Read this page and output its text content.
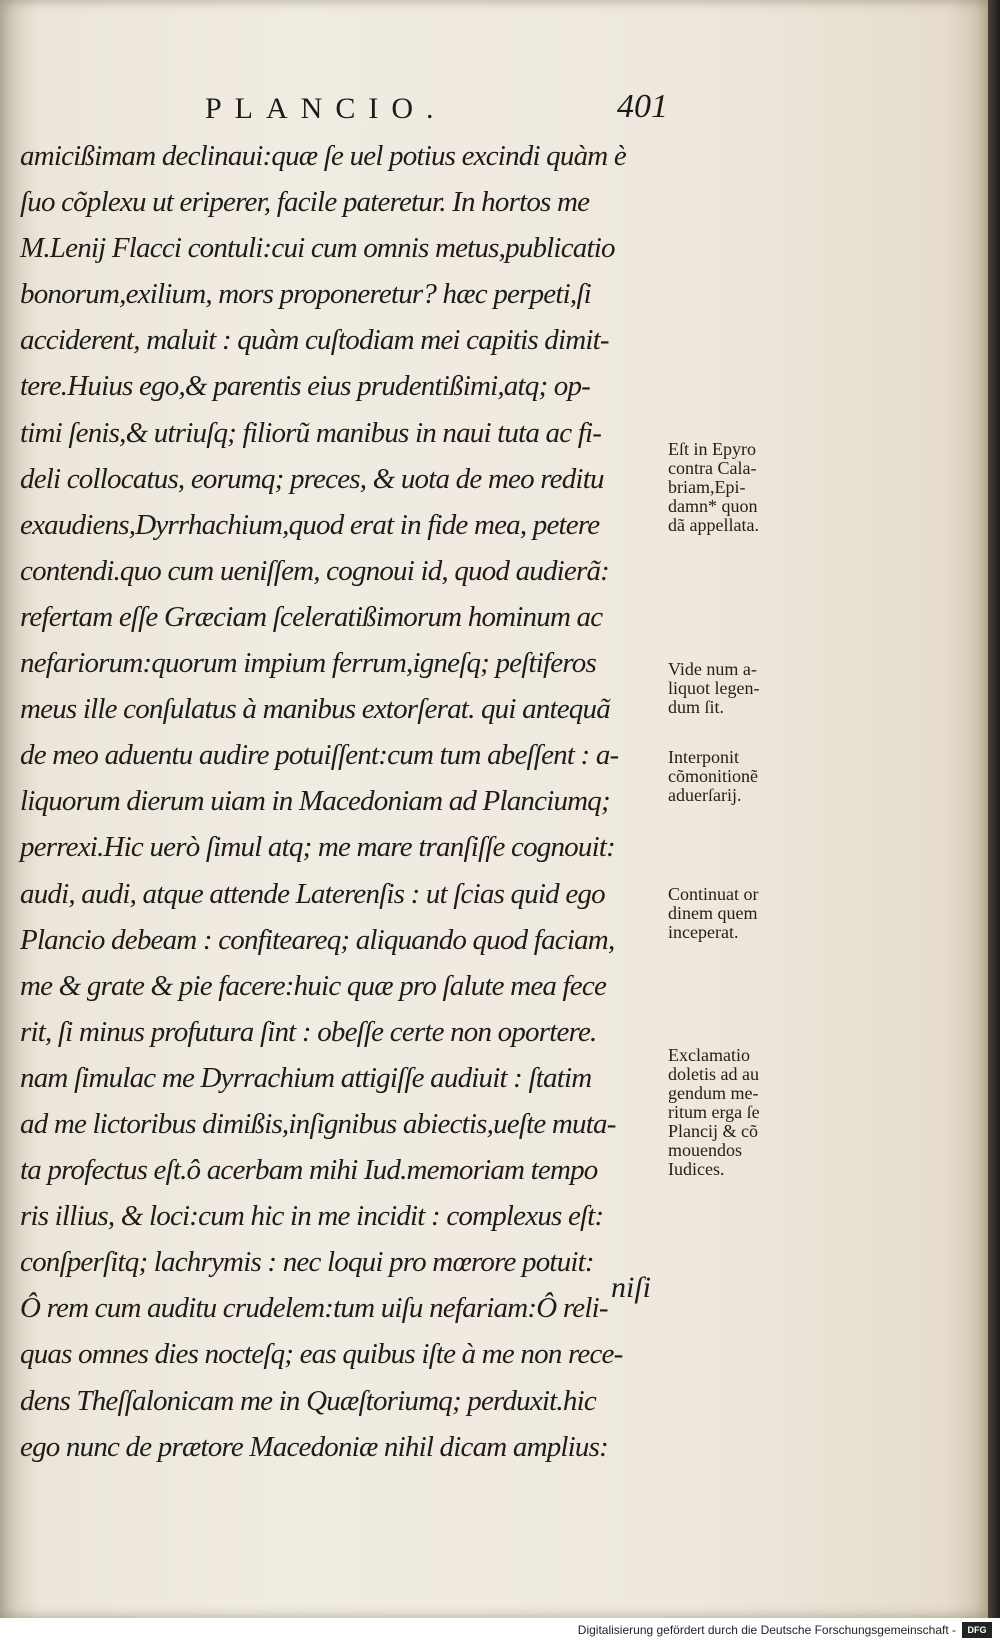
PLANCIO.	401
amicißimam declinaui:quæ ſe uel potius excindi quàm è
ſuo cõplexu ut eriperer, facile pateretur. In hortos me
M.Lenij Flacci contuli:cui cum omnis metus,publicatio
bonorum,exilium, mors proponeretur? hæc perpeti,ſi
acciderent, maluit : quàm cuſtodiam mei capitis dimit-
tere.Huius ego,& parentis eius prudentißimi,atq; op-
timi ſenis,& utriuſq; filiorũ manibus in naui tuta ac fi-
deli collocatus, eorumq; preces, & uota de meo reditu
exaudiens,Dyrrhachium,quod erat in fide mea, petere
contendi.quo cum ueniſſem, cognoui id, quod audierã:
refertam eſſe Græciam ſceleratißimorum hominum ac
nefariorum:quorum impium ferrum,igneſq; peſtiferos
meus ille conſulatus à manibus extorſerat. qui antequã
de meo aduentu audire potuiſſent:cum tum abeſſent : a-
liquorum dierum uiam in Macedoniam ad Planciumq;
perrexi.Hic uerò ſimul atq; me mare tranſiſſe cognouit:
audi, audi, atque attende Laterenſis : ut ſcias quid ego
Plancio debeam : confiteareq; aliquando quod faciam,
me & grate & pie facere:huic quæ pro ſalute mea fece
rit, ſi minus profutura ſint : obeſſe certe non oportere.
nam ſimulac me Dyrrachium attigiſſe audiuit : ſtatim
ad me lictoribus dimißis,inſignibus abiectis,ueſte muta-
ta profectus eſt.ô acerbam mihi Iud.memoriam tempo
ris illius, & loci:cum hic in me incidit : complexus eſt:
conſperſitq; lachrymis : nec loqui pro mœrore potuit:
Ô rem cum auditu crudelem:tum uiſu nefariam:Ô reli-
quas omnes dies nocteſq; eas quibus iſte à me non rece-
dens Theſſalonicam me in Quæſtoriumq; perduxit.hic
ego nunc de prætore Macedoniæ nihil dicam amplius:
Eſt in Epyro
contra Cala-
briam,Epi-
damn* quon
dã appellata.
Vide num a-
liquot legen-
dum ſit.
Interponit
cõmonitionẽ
aduerſarij.
Continuat or
dinem quem
inceperat.
Exclamatio
doletis ad au
gendum me-
ritum erga ſe
Plancij & cõ
mouendos
Iudices.
niſi
Digitalisierung gefördert durch die Deutsche Forschungsgemeinschaft -	DFG
